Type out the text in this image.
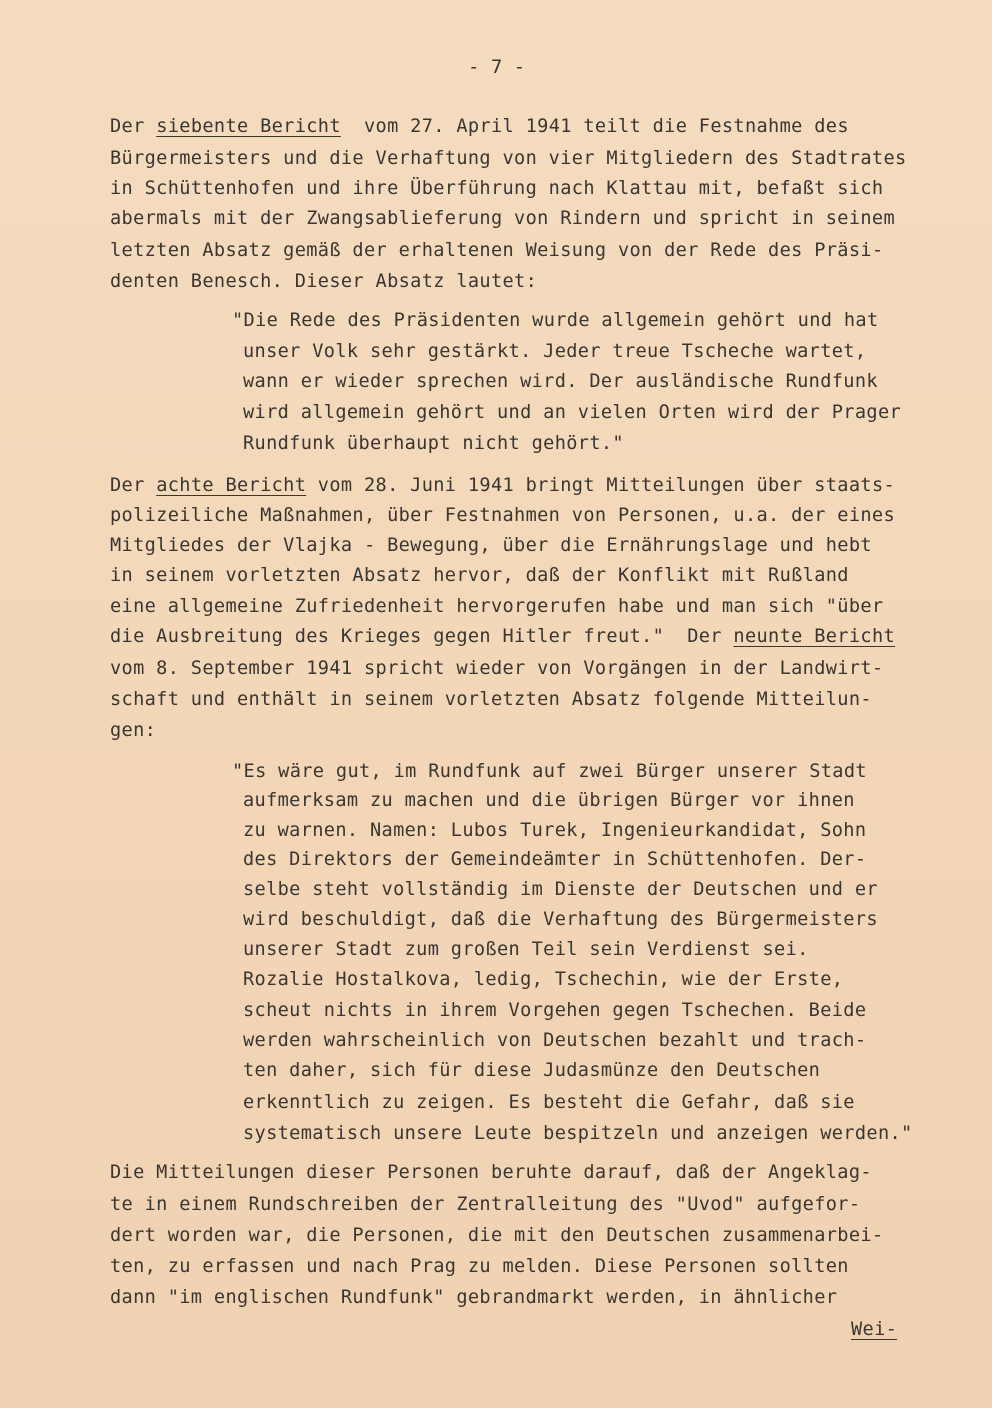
- 7 -
Der siebente Bericht  vom 27. April 1941 teilt die Festnahme des
Bürgermeisters und die Verhaftung von vier Mitgliedern des Stadtrates
in Schüttenhofen und ihre Überführung nach Klattau mit, befaßt sich
abermals mit der Zwangsablieferung von Rindern und spricht in seinem
letzten Absatz gemäß der erhaltenen Weisung von der Rede des Präsi-
denten Benesch. Dieser Absatz lautet:
"Die Rede des Präsidenten wurde allgemein gehört und hat
unser Volk sehr gestärkt. Jeder treue Tscheche wartet,
wann er wieder sprechen wird. Der ausländische Rundfunk
wird allgemein gehört und an vielen Orten wird der Prager
Rundfunk überhaupt nicht gehört."
Der achte Bericht vom 28. Juni 1941 bringt Mitteilungen über staats-
polizeiliche Maßnahmen, über Festnahmen von Personen, u.a. der eines
Mitgliedes der Vlajka - Bewegung, über die Ernährungslage und hebt
in seinem vorletzten Absatz hervor, daß der Konflikt mit Rußland
eine allgemeine Zufriedenheit hervorgerufen habe und man sich "über
die Ausbreitung des Krieges gegen Hitler freut."  Der neunte Bericht
vom 8. September 1941 spricht wieder von Vorgängen in der Landwirt-
schaft und enthält in seinem vorletzten Absatz folgende Mitteilun-
gen:
"Es wäre gut, im Rundfunk auf zwei Bürger unserer Stadt
aufmerksam zu machen und die übrigen Bürger vor ihnen
zu warnen. Namen: Lubos Turek, Ingenieurkandidat, Sohn
des Direktors der Gemeindeämter in Schüttenhofen. Der-
selbe steht vollständig im Dienste der Deutschen und er
wird beschuldigt, daß die Verhaftung des Bürgermeisters
unserer Stadt zum großen Teil sein Verdienst sei.
Rozalie Hostalkova, ledig, Tschechin, wie der Erste,
scheut nichts in ihrem Vorgehen gegen Tschechen. Beide
werden wahrscheinlich von Deutschen bezahlt und trach-
ten daher, sich für diese Judasmünze den Deutschen
erkenntlich zu zeigen. Es besteht die Gefahr, daß sie
systematisch unsere Leute bespitzeln und anzeigen werden."
Die Mitteilungen dieser Personen beruhte darauf, daß der Angeklag-
te in einem Rundschreiben der Zentralleitung des "Uvod" aufgefor-
dert worden war, die Personen, die mit den Deutschen zusammenarbei-
ten, zu erfassen und nach Prag zu melden. Diese Personen sollten
dann "im englischen Rundfunk" gebrandmarkt werden, in ähnlicher
Wei-
